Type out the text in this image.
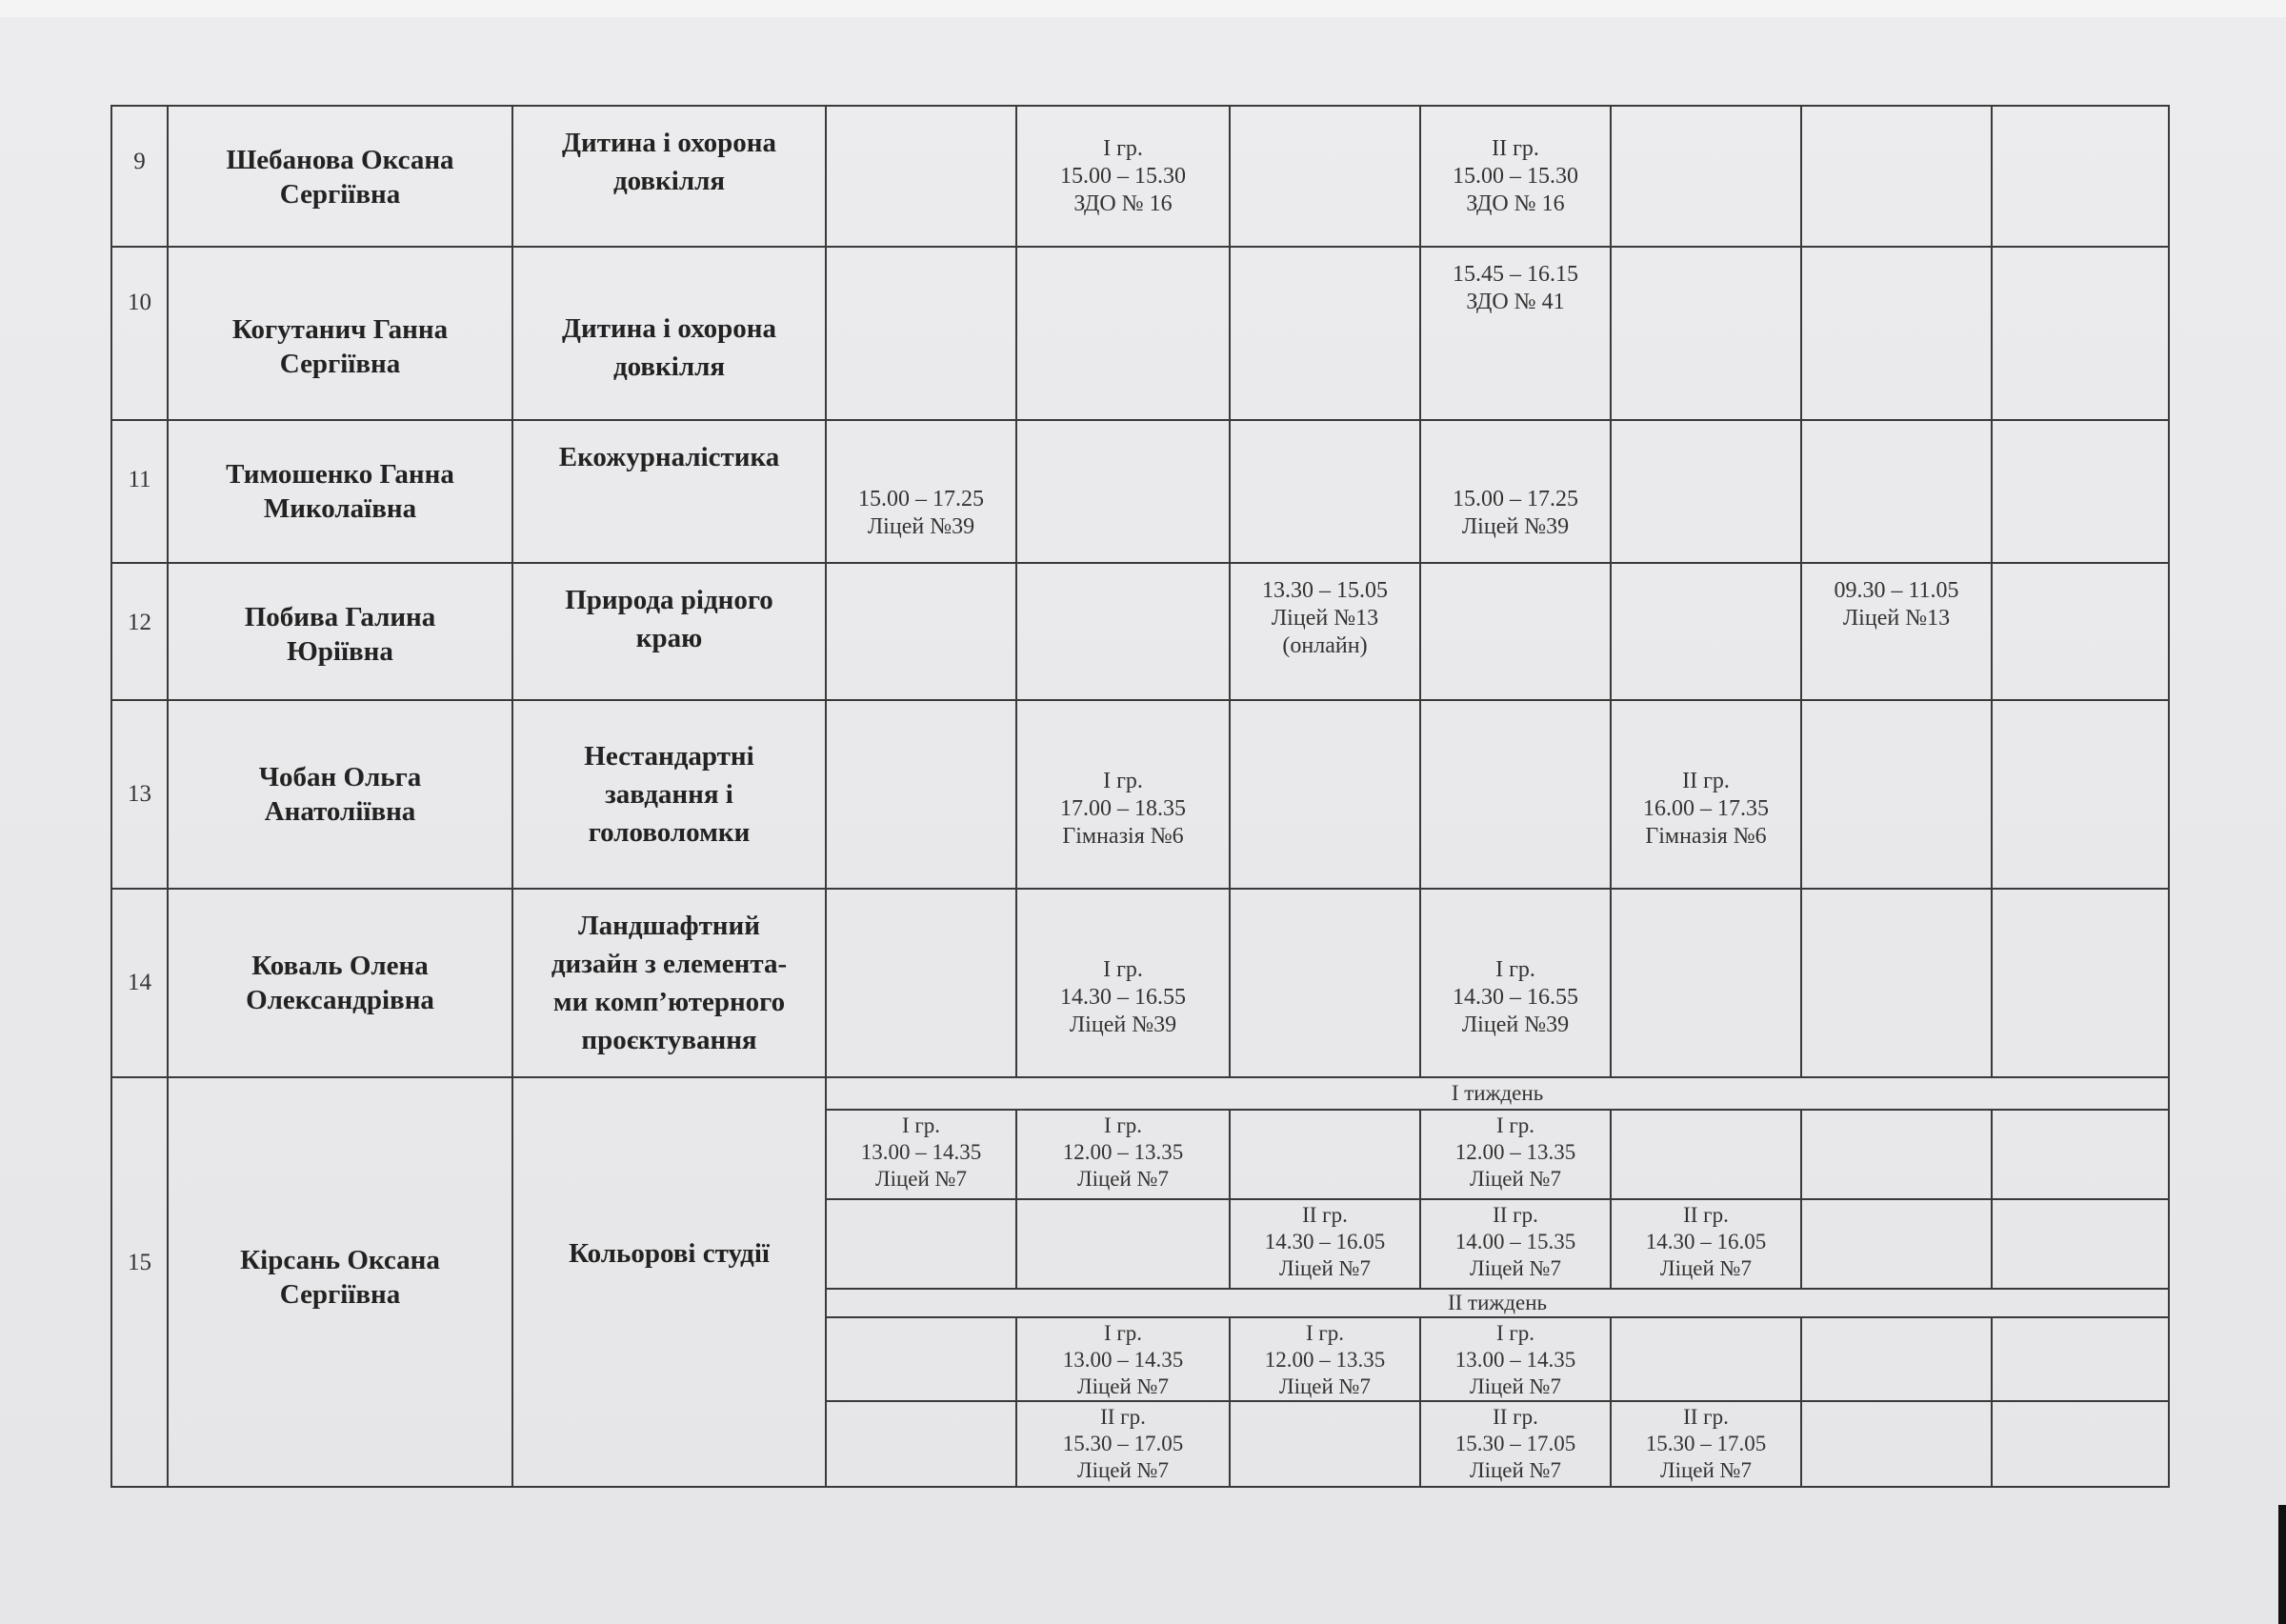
9	Шебанова Оксана
Сергіївна	Дитина і охорона
довкілля		І гр.
15.00 – 15.30
ЗДО № 16		ІІ гр.
15.00 – 15.30
ЗДО № 16			

10	Когутанич Ганна
Сергіївна	Дитина і охорона
довкілля				15.45 – 16.15
ЗДО № 41			

11	Тимошенко Ганна
Миколаївна	Екожурналістика	15.00 – 17.25
Ліцей №39			15.00 – 17.25
Ліцей №39			

12	Побива Галина
Юріївна	Природа рідного
краю			13.30 – 15.05
Ліцей №13
(онлайн)			09.30 – 11.05
Ліцей №13	

13	Чобан Ольга
Анатоліївна	Нестандартні
завдання і
головоломки		І гр.
17.00 – 18.35
Гімназія №6			ІІ гр.
16.00 – 17.35
Гімназія №6		

14	Коваль Олена
Олександрівна	Ландшафтний
дизайн з елемента-
ми комп’ютерного
проєктування		І гр.
14.30 – 16.55
Ліцей №39		І гр.
14.30 – 16.55
Ліцей №39			

15	Кірсань Оксана
Сергіївна	Кольорові студії	І тиждень						

			І гр.
13.00 – 14.35
Ліцей №7	І гр.
12.00 – 13.35
Ліцей №7		І гр.
12.00 – 13.35
Ліцей №7			

					ІІ гр.
14.30 – 16.05
Ліцей №7	ІІ гр.
14.00 – 15.35
Ліцей №7	ІІ гр.
14.30 – 16.05
Ліцей №7		

			ІІ тиждень						

				І гр.
13.00 – 14.35
Ліцей №7	І гр.
12.00 – 13.35
Ліцей №7	І гр.
13.00 – 14.35
Ліцей №7			

				ІІ гр.
15.30 – 17.05
Ліцей №7		ІІ гр.
15.30 – 17.05
Ліцей №7	ІІ гр.
15.30 – 17.05
Ліцей №7		
